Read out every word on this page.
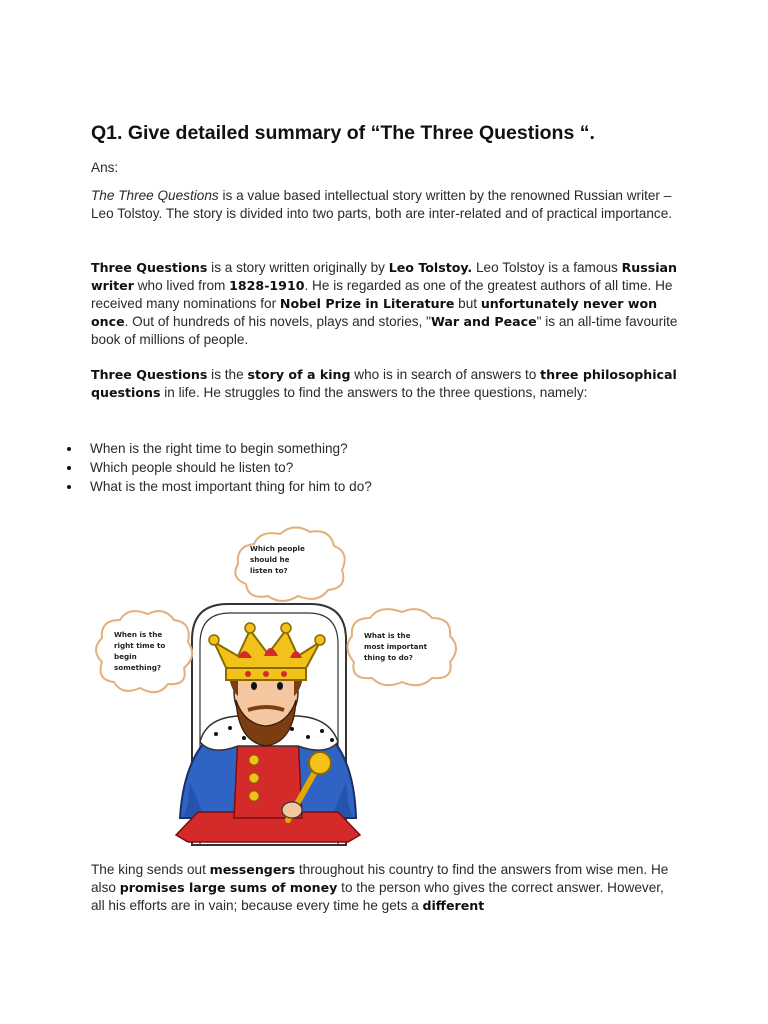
Q1. Give detailed summary of “The Three Questions “.

Ans:

The Three Questions is a value based intellectual story written by the renowned Russian writer – Leo Tolstoy. The story is divided into two parts, both are inter-related and of practical importance.

Three Questions is a story written originally by Leo Tolstoy. Leo Tolstoy is a famous Russian writer who lived from 1828-1910. He is regarded as one of the greatest authors of all time. He received many nominations for Nobel Prize in Literature but unfortunately never won once. Out of hundreds of his novels, plays and stories, "War and Peace" is an all-time favourite book of millions of people.

Three Questions is the story of a king who is in search of answers to three philosophical questions in life. He struggles to find the answers to the three questions, namely:

When is the right time to begin something?
Which people should he listen to?
What is the most important thing for him to do?
Which people
should he
listen to?
When is the
right time to
begin
something?
What is the
most important
thing to do?

The king sends out messengers throughout his country to find the answers from wise men. He also promises large sums of money to the person who gives the correct answer. However, all his efforts are in vain; because every time he gets a different
